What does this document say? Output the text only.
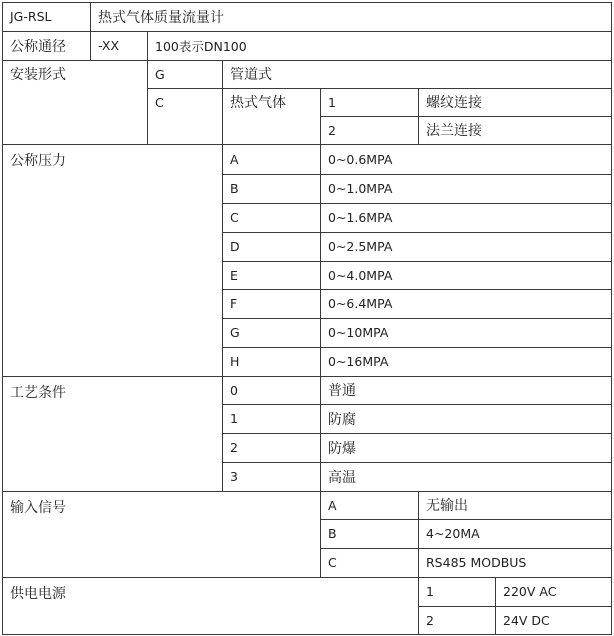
JG-RSL	热式气体质量流量计
公称通径	-XX	100表示DN100
安装形式	G	管道式
C	热式气体	1	螺纹连接
2	法兰连接
公称压力	A	0~0.6MPA
B	0~1.0MPA
C	0~1.6MPA
D	0~2.5MPA
E	0~4.0MPA
F	0~6.4MPA
G	0~10MPA
H	0~16MPA
工艺条件	0	普通
1	防腐
2	防爆
3	高温
输入信号	A	无输出
B	4~20MA
C	RS485 MODBUS
供电电源	1	220V AC
2	24V DC
